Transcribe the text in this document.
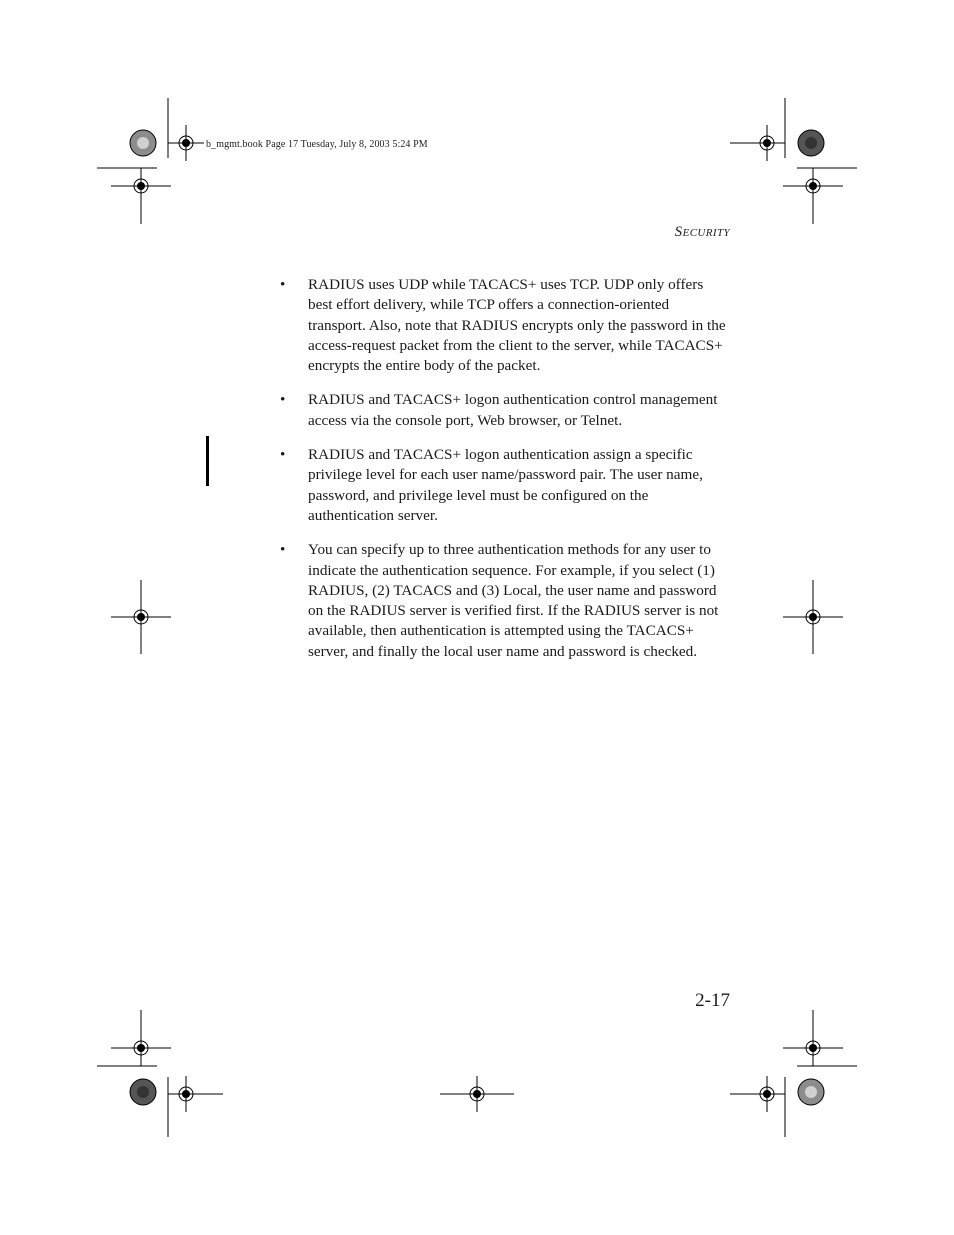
b_mgmt.book Page 17 Tuesday, July 8, 2003 5:24 PM
Security
•	RADIUS uses UDP while TACACS+ uses TCP. UDP only offers best effort delivery, while TCP offers a connection-oriented transport. Also, note that RADIUS encrypts only the password in the access-request packet from the client to the server, while TACACS+ encrypts the entire body of the packet.
•	RADIUS and TACACS+ logon authentication control management access via the console port, Web browser, or Telnet.
•	RADIUS and TACACS+ logon authentication assign a specific privilege level for each user name/password pair. The user name, password, and privilege level must be configured on the authentication server.
•	You can specify up to three authentication methods for any user to indicate the authentication sequence. For example, if you select (1) RADIUS, (2) TACACS and (3) Local, the user name and password on the RADIUS server is verified first. If the RADIUS server is not available, then authentication is attempted using the TACACS+ server, and finally the local user name and password is checked.
2-17
